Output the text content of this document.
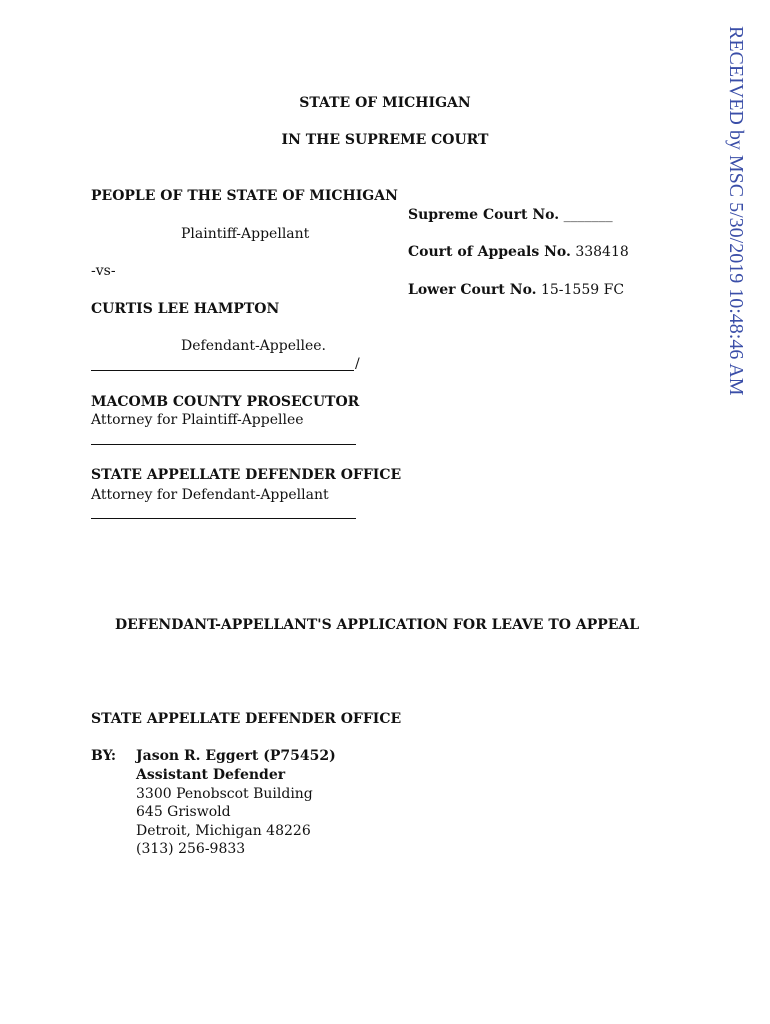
RECEIVED by MSC 5/30/2019 10:48:46 AM
STATE OF MICHIGAN
IN THE SUPREME COURT
PEOPLE OF THE STATE OF MICHIGAN
Plaintiff-Appellant
-vs-
CURTIS LEE HAMPTON
Defendant-Appellee.
/
Supreme Court No. _______
Court of Appeals No. 338418
Lower Court No. 15-1559 FC
MACOMB COUNTY PROSECUTOR
Attorney for Plaintiff-Appellee
STATE APPELLATE DEFENDER OFFICE
Attorney for Defendant-Appellant
DEFENDANT-APPELLANT'S APPLICATION FOR LEAVE TO APPEAL
STATE APPELLATE DEFENDER OFFICE
BY: Jason R. Eggert (P75452)
Assistant Defender
3300 Penobscot Building
645 Griswold
Detroit, Michigan 48226
(313) 256-9833
